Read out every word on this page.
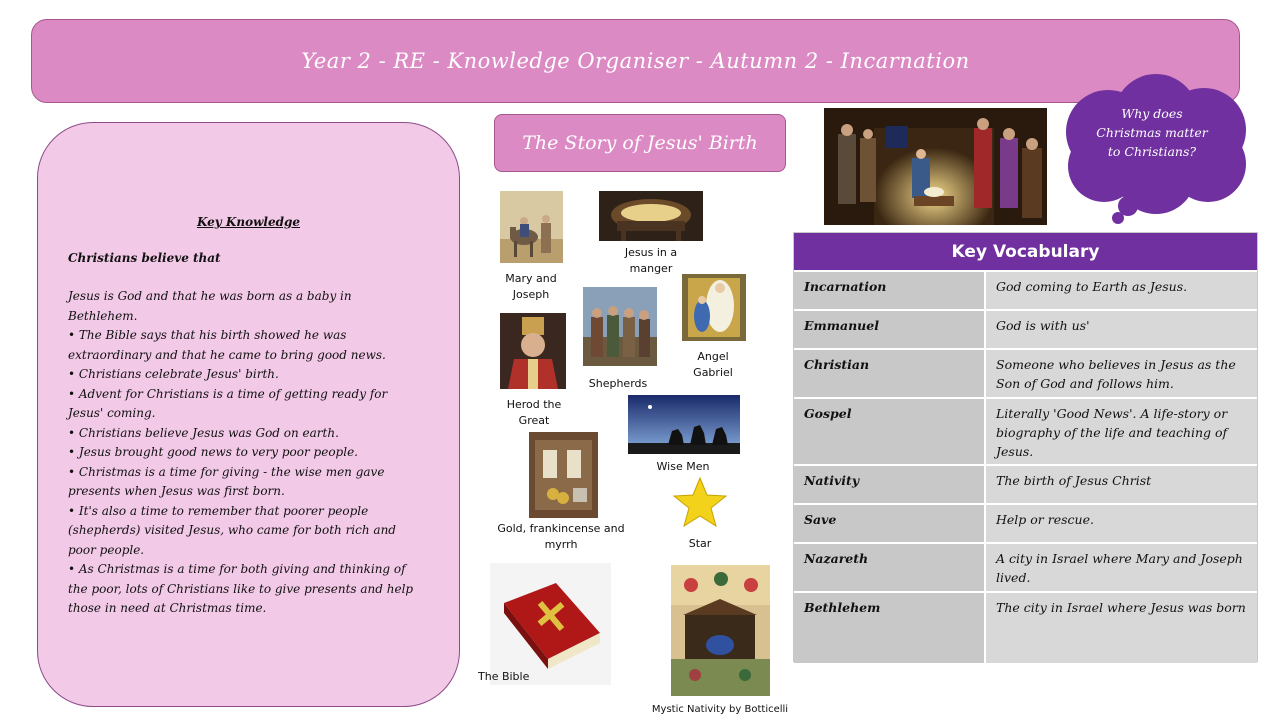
Year 2 - RE - Knowledge Organiser - Autumn 2 - Incarnation
Key Knowledge
Christians believe that
Jesus is God and that he was born as a baby in
Bethlehem.
• The Bible says that his birth showed he was
extraordinary and that he came to bring good news.
• Christians celebrate Jesus' birth.
• Advent for Christians is a time of getting ready for
Jesus' coming.
• Christians believe Jesus was God on earth.
• Jesus brought good news to very poor people.
• Christmas is a time for giving - the wise men gave
presents when Jesus was first born.
• It's also a time to remember that poorer people
(shepherds) visited Jesus, who came for both rich and
poor people.
• As Christmas is a time for both giving and thinking of
the poor, lots of Christians like to give presents and help
those in need at Christmas time.
The Story of Jesus' Birth
Mary and
Joseph
Jesus in a
manger
Angel
Gabriel
Herod the
Great
Shepherds
Wise Men
Gold, frankincense and
myrrh	Star
The Bible
Mystic Nativity by Botticelli
Why does
Christmas matter
to Christians?
Key Vocabulary
Incarnation	God coming to Earth as Jesus.
Emmanuel	God is with us'
Christian	Someone who believes in Jesus as the Son of God and follows him.
Gospel	Literally 'Good News'. A life-story or biography of the life and teaching of Jesus.
Nativity	The birth of Jesus Christ
Save	Help or rescue.
Nazareth	A city in Israel where Mary and Joseph lived.
Bethlehem	The city in Israel where Jesus was born
